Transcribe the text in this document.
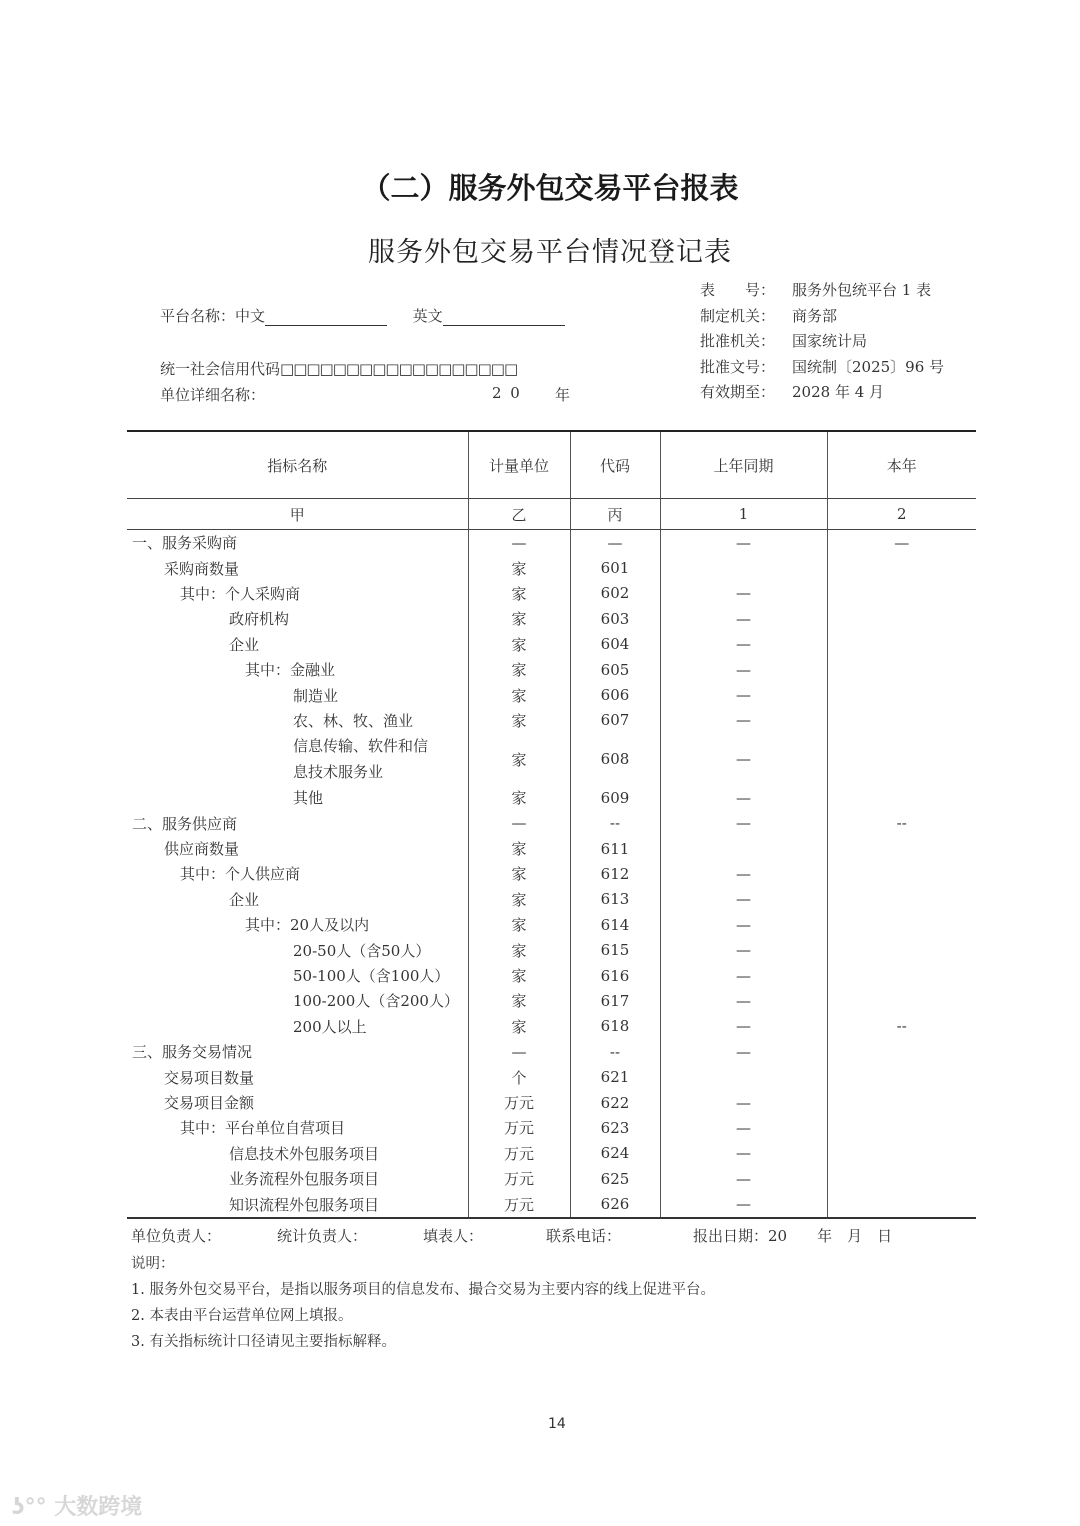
（二）服务外包交易平台报表
服务外包交易平台情况登记表
平台名称：中文	英文
统一社会信用代码□□□□□□□□□□□□□□□□□□
单位详细名称：	2 0 年
表　　号： 服务外包统平台 1 表
制定机关： 商务部
批准机关： 国家统计局
批准文号： 国统制〔2025〕96 号
有效期至： 2028 年 4 月
指标名称	计量单位	代码	上年同期	本年
甲	乙	丙	1	2
一、服务采购商	—	—	—	—
采购商数量	家	601		
其中：个人采购商	家	602	—	
政府机构	家	603	—	
企业	家	604	—	
其中：金融业	家	605	—	
制造业	家	606	—	
农、林、牧、渔业	家	607	—	

信息传输、软件和信
息技术服务业	家	608	—	
其他	家	609	—	
二、服务供应商	—	--	—	--
供应商数量	家	611		
其中：个人供应商	家	612	—	
企业	家	613	—	
其中：20人及以内	家	614	—	
20-50人（含50人）	家	615	—	
50-100人（含100人）	家	616	—	
100-200人（含200人）	家	617	—	
200人以上	家	618	—	--
三、服务交易情况	—	--	—	
交易项目数量	个	621		
交易项目金额	万元	622	—	
其中：平台单位自营项目	万元	623	—	
信息技术外包服务项目	万元	624	—	
业务流程外包服务项目	万元	625	—	
知识流程外包服务项目	万元	626	—	
单位负责人：	统计负责人：	填表人：	联系电话：	报出日期：20　　年　月　日
说明：
1. 服务外包交易平台，是指以服务项目的信息发布、撮合交易为主要内容的线上促进平台。
2. 本表由平台运营单位网上填报。
3. 有关指标统计口径请见主要指标解释。
14
ʖ°° 大数跨境
